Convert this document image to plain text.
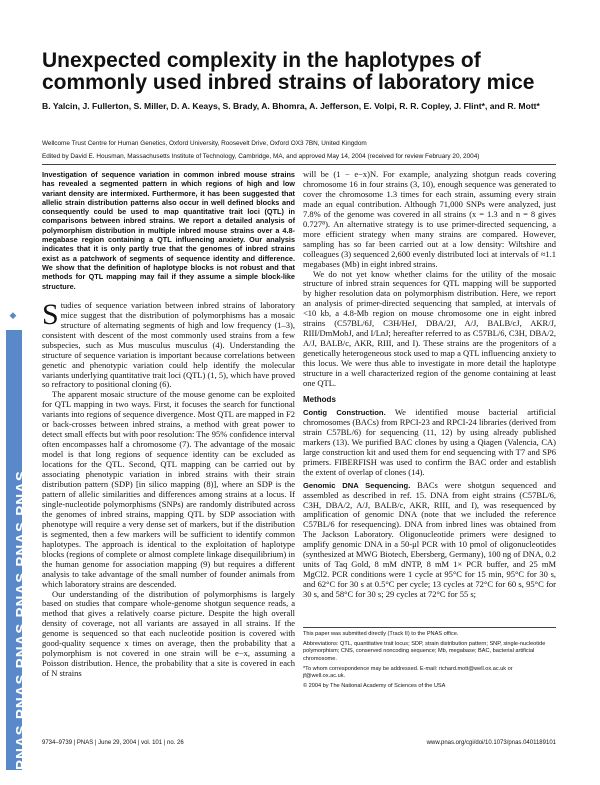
◆
PNAS PNAS PNAS PNAS PNAS PNAS
Unexpected complexity in the haplotypes of commonly used inbred strains of laboratory mice
B. Yalcin, J. Fullerton, S. Miller, D. A. Keays, S. Brady, A. Bhomra, A. Jefferson, E. Volpi, R. R. Copley, J. Flint*, and R. Mott*
Wellcome Trust Centre for Human Genetics, Oxford University, Roosevelt Drive, Oxford OX3 7BN, United Kingdom
Edited by David E. Housman, Massachusetts Institute of Technology, Cambridge, MA, and approved May 14, 2004 (received for review February 20, 2004)

Investigation of sequence variation in common inbred mouse strains has revealed a segmented pattern in which regions of high and low variant density are intermixed. Furthermore, it has been suggested that allelic strain distribution patterns also occur in well defined blocks and consequently could be used to map quantitative trait loci (QTL) in comparisons between inbred strains. We report a detailed analysis of polymorphism distribution in multiple inbred mouse strains over a 4.8-megabase region containing a QTL influencing anxiety. Our analysis indicates that it is only partly true that the genomes of inbred strains exist as a patchwork of segments of sequence identity and difference. We show that the definition of haplotype blocks is not robust and that methods for QTL mapping may fail if they assume a simple block-like structure.

Studies of sequence variation between inbred strains of laboratory mice suggest that the distribution of polymorphisms has a mosaic structure of alternating segments of high and low frequency (1–3), consistent with descent of the most commonly used strains from a few subspecies, such as Mus musculus musculus (4). Understanding the structure of sequence variation is important because correlations between genetic and phenotypic variation could help identify the molecular variants underlying quantitative trait loci (QTL) (1, 5), which have proved so refractory to positional cloning (6).

The apparent mosaic structure of the mouse genome can be exploited for QTL mapping in two ways. First, it focuses the search for functional variants into regions of sequence divergence. Most QTL are mapped in F2 or back-crosses between inbred strains, a method with great power to detect small effects but with poor resolution: The 95% confidence interval often encompasses half a chromosome (7). The advantage of the mosaic model is that long regions of sequence identity can be excluded as locations for the QTL. Second, QTL mapping can be carried out by associating phenotypic variation in inbred strains with their strain distribution pattern (SDP) [in silico mapping (8)], where an SDP is the pattern of allelic similarities and differences among strains at a locus. If single-nucleotide polymorphisms (SNPs) are randomly distributed across the genomes of inbred strains, mapping QTL by SDP association with phenotype will require a very dense set of markers, but if the distribution is segmented, then a few markers will be sufficient to identify common haplotypes. The approach is identical to the exploitation of haplotype blocks (regions of complete or almost complete linkage disequilibrium) in the human genome for association mapping (9) but requires a different analysis to take advantage of the small number of founder animals from which laboratory strains are descended.

Our understanding of the distribution of polymorphisms is largely based on studies that compare whole-genome shotgun sequence reads, a method that gives a relatively coarse picture. Despite the high overall density of coverage, not all variants are assayed in all strains. If the genome is sequenced so that each nucleotide position is covered with good-quality sequence x times on average, then the probability that a polymorphism is not covered in one strain will be e−x, assuming a Poisson distribution. Hence, the probability that a site is covered in each of N strains

will be (1 − e−x)N. For example, analyzing shotgun reads covering chromosome 16 in four strains (3, 10), enough sequence was generated to cover the chromosome 1.3 times for each strain, assuming every strain made an equal contribution. Although 71,000 SNPs were analyzed, just 7.8% of the genome was covered in all strains (x = 1.3 and n = 8 gives 0.727⁸). An alternative strategy is to use primer-directed sequencing, a more efficient strategy when many strains are compared. However, sampling has so far been carried out at a low density: Wiltshire and colleagues (3) sequenced 2,600 evenly distributed loci at intervals of ≈1.1 megabases (Mb) in eight inbred strains.

We do not yet know whether claims for the utility of the mosaic structure of inbred strain sequences for QTL mapping will be supported by higher resolution data on polymorphism distribution. Here, we report an analysis of primer-directed sequencing that sampled, at intervals of <10 kb, a 4.8-Mb region on mouse chromosome one in eight inbred strains (C57BL/6J, C3H/HeJ, DBA/2J, A/J, BALB/cJ, AKR/J, RIII/DmMobJ, and I/LnJ; hereafter referred to as C57BL/6, C3H, DBA/2, A/J, BALB/c, AKR, RIII, and I). These strains are the progenitors of a genetically heterogeneous stock used to map a QTL influencing anxiety to this locus. We were thus able to investigate in more detail the haplotype structure in a well characterized region of the genome containing at least one QTL.

Methods

Contig Construction. We identified mouse bacterial artificial chromosomes (BACs) from RPCI-23 and RPCI-24 libraries (derived from strain C57BL/6) for sequencing (11, 12) by using already published markers (13). We purified BAC clones by using a Qiagen (Valencia, CA) large construction kit and used them for end sequencing with T7 and SP6 primers. FIBERFISH was used to confirm the BAC order and establish the extent of overlap of clones (14).

Genomic DNA Sequencing. BACs were shotgun sequenced and assembled as described in ref. 15. DNA from eight strains (C57BL/6, C3H, DBA/2, A/J, BALB/c, AKR, RIII, and I), was resequenced by amplification of genomic DNA (note that we included the reference C57BL/6 for resequencing). DNA from inbred lines was obtained from The Jackson Laboratory. Oligonucleotide primers were designed to amplify genomic DNA in a 50-μl PCR with 10 pmol of oligonucleotides (synthesized at MWG Biotech, Ebersberg, Germany), 100 ng of DNA, 0.2 units of Taq Gold, 8 mM dNTP, 8 mM 1× PCR buffer, and 25 mM MgCl2. PCR conditions were 1 cycle at 95°C for 15 min, 95°C for 30 s, and 62°C for 30 s at 0.5°C per cycle; 13 cycles at 72°C for 60 s, 95°C for 30 s, and 58°C for 30 s; 29 cycles at 72°C for 55 s;

This paper was submitted directly (Track II) to the PNAS office.
Abbreviations: QTL, quantitative trait locus; SDP, strain distribution pattern; SNP, single-nucleotide polymorphism; CNS, conserved noncoding sequence; Mb, megabase; BAC, bacterial artificial chromosome.
*To whom correspondence may be addressed. E-mail: richard.mott@well.ox.ac.uk or jf@well.ox.ac.uk.
© 2004 by The National Academy of Sciences of the USA
9734–9739 | PNAS | June 29, 2004 | vol. 101 | no. 26	www.pnas.org/cgi/doi/10.1073/pnas.0401189101
